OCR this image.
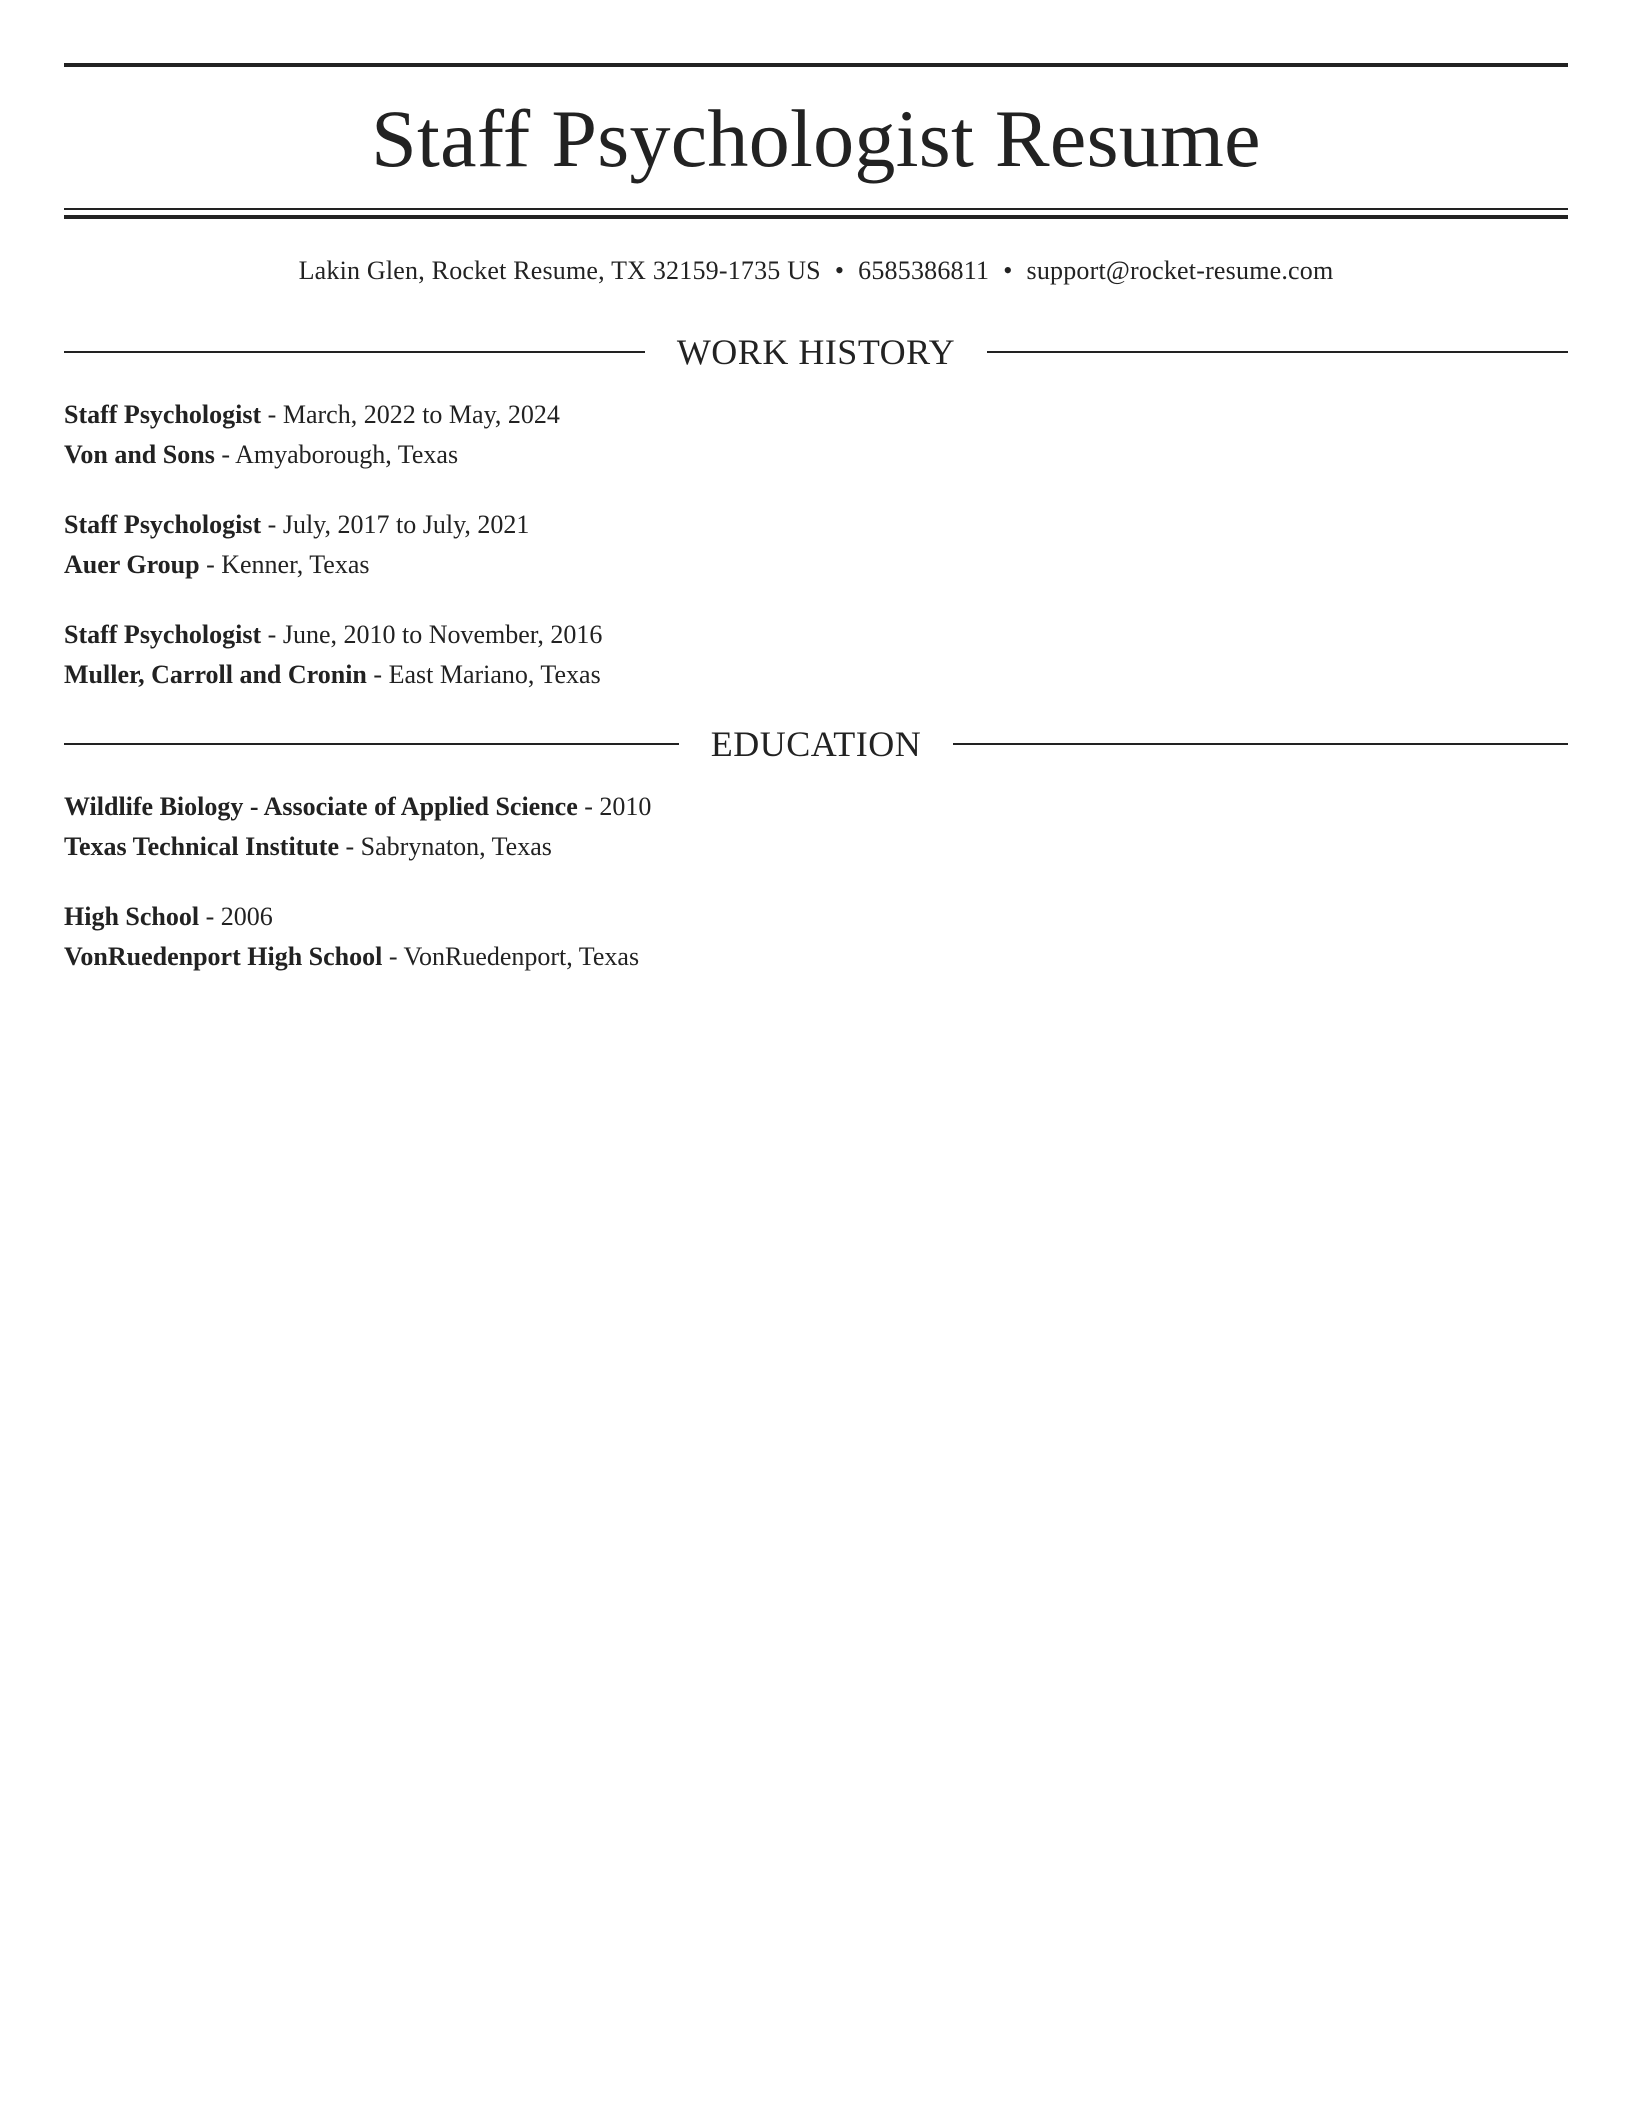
Staff Psychologist Resume
Lakin Glen, Rocket Resume, TX 32159-1735 US • 6585386811 • support@rocket-resume.com
WORK HISTORY
Staff Psychologist - March, 2022 to May, 2024
Von and Sons - Amyaborough, Texas
Staff Psychologist - July, 2017 to July, 2021
Auer Group - Kenner, Texas
Staff Psychologist - June, 2010 to November, 2016
Muller, Carroll and Cronin - East Mariano, Texas
EDUCATION
Wildlife Biology - Associate of Applied Science - 2010
Texas Technical Institute - Sabrynaton, Texas
High School - 2006
VonRuedenport High School - VonRuedenport, Texas
